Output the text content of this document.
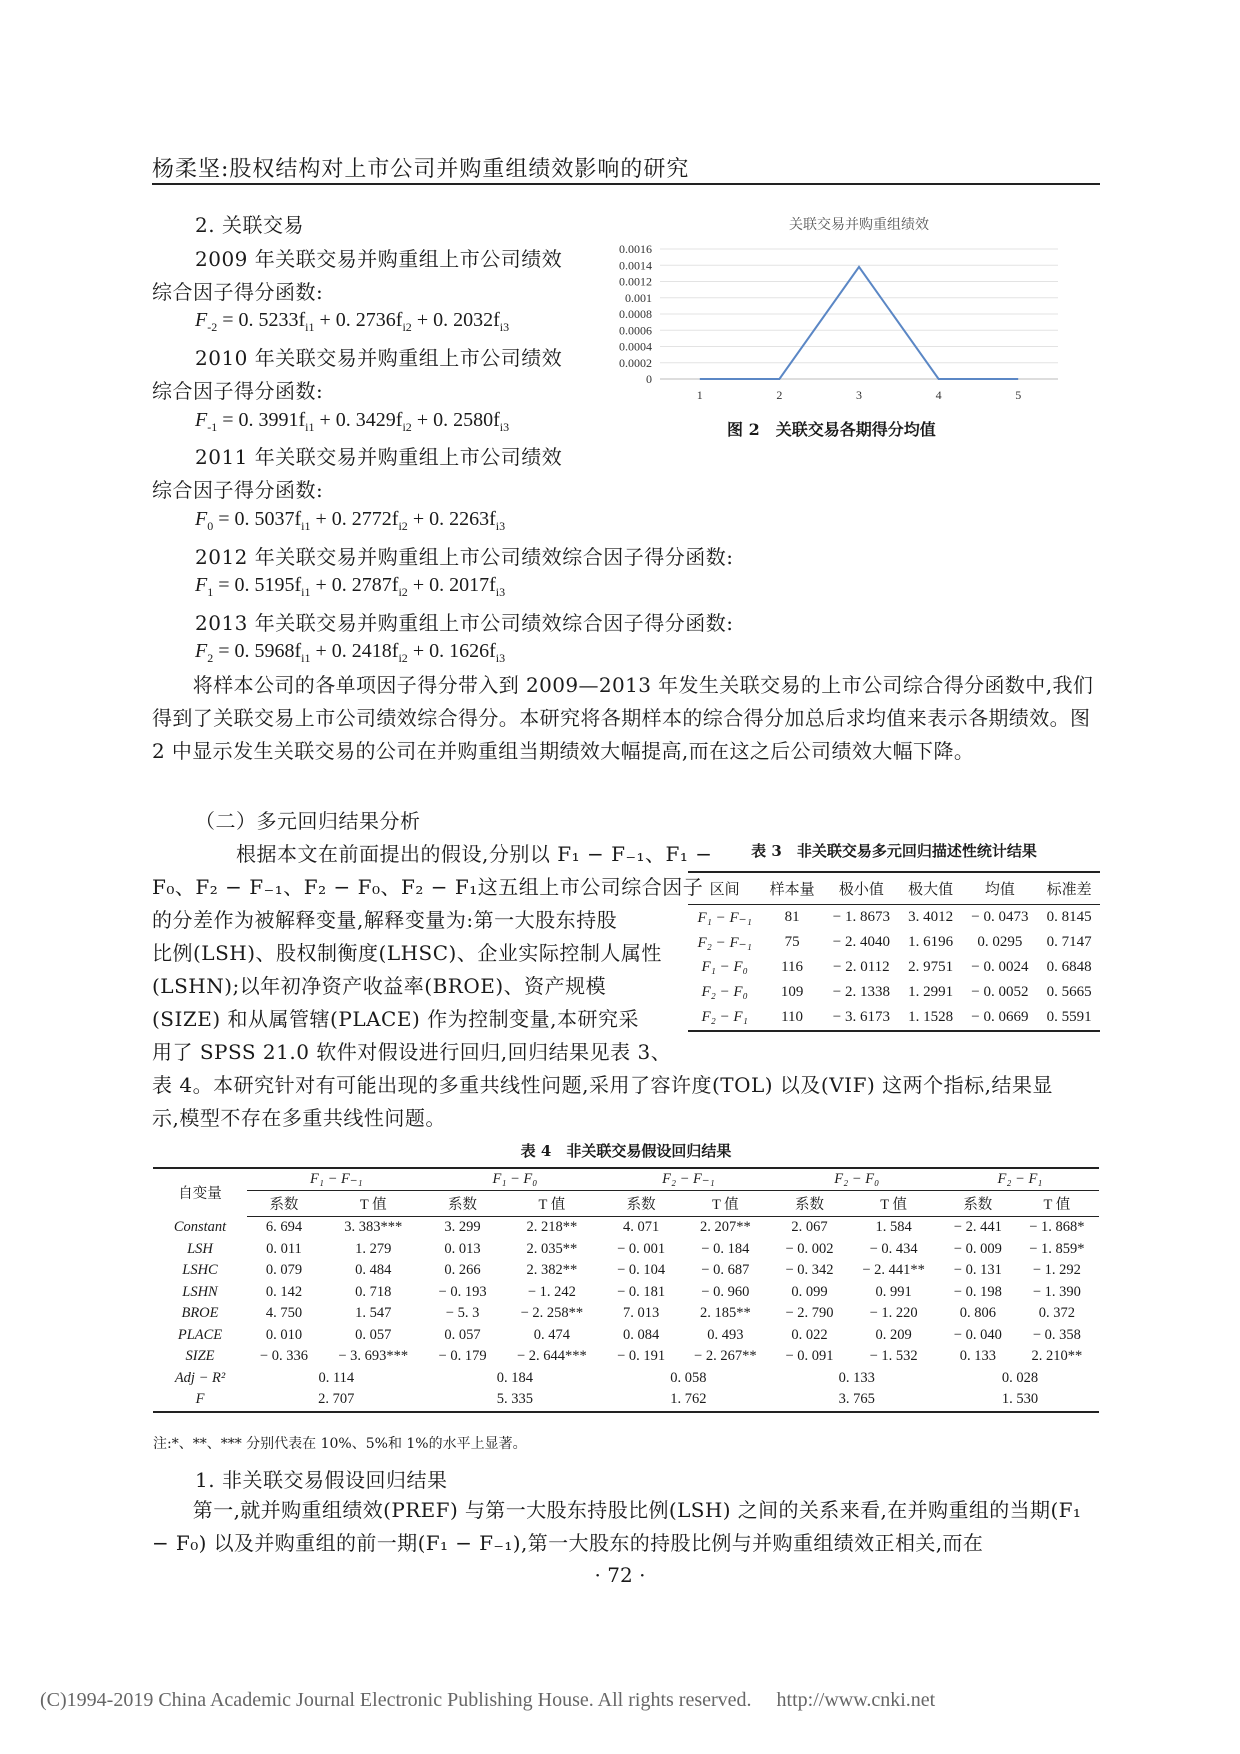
杨柔坚:股权结构对上市公司并购重组绩效影响的研究
2. 关联交易
2009 年关联交易并购重组上市公司绩效
综合因子得分函数:
$F_{-2} = 0$. $5233f_{i1} + 0$. $2736f_{i2} + 0$. $2032f_{i3}$
2010 年关联交易并购重组上市公司绩效
综合因子得分函数:
$F_{-1} = 0$. $3991f_{i1} + 0$. $3429f_{i2} + 0$. $2580f_{i3}$
2011 年关联交易并购重组上市公司绩效
综合因子得分函数:
$F_0 = 0$. $5037f_{i1} + 0$. $2772f_{i2} + 0$. $2263f_{i3}$
2012 年关联交易并购重组上市公司绩效综合因子得分函数:
$F_1 = 0$. $5195f_{i1} + 0$. $2787f_{i2} + 0$. $2017f_{i3}$
2013 年关联交易并购重组上市公司绩效综合因子得分函数:
$F_2 = 0$. $5968f_{i1} + 0$. $2418f_{i2} + 0$. $1626f_{i3}$
　　将样本公司的各单项因子得分带入到 2009—2013 年发生关联交易的上市公司综合得分函数中,我们得到了关联交易上市公司绩效综合得分。本研究将各期样本的综合得分加总后求均值来表示各期绩效。图 2 中显示发生关联交易的公司在并购重组当期绩效大幅提高,而在这之后公司绩效大幅下降。
关联交易并购重组绩效
0
0.0002
0.0004
0.0006
0.0008
0.001
0.0012
0.0014
0.0016
1	2	3	4	5
图 2　关联交易各期得分均值
（二）多元回归结果分析
　　根据本文在前面提出的假设,分别以 F₁ − F₋₁、F₁ −
F₀、F₂ − F₋₁、F₂ − F₀、F₂ − F₁这五组上市公司综合因子
的分差作为被解释变量,解释变量为:第一大股东持股
比例(LSH)、股权制衡度(LHSC)、企业实际控制人属性
(LSHN);以年初净资产收益率(BROE)、资产规模
(SIZE) 和从属管辖(PLACE) 作为控制变量,本研究采
用了 SPSS 21.0 软件对假设进行回归,回归结果见表 3、
表 4。本研究针对有可能出现的多重共线性问题,采用了容许度(TOL) 以及(VIF) 这两个指标,结果显
示,模型不存在多重共线性问题。
表 3　非关联交易多元回归描述性统计结果
区间	样本量	极小值	极大值	均值	标准差
F₁ − F₋₁	81	− 1. 8673	3. 4012	− 0. 0473	0. 8145
F₂ − F₋₁	75	− 2. 4040	1. 6196	0. 0295	0. 7147
F₁ − F₀	116	− 2. 0112	2. 9751	− 0. 0024	0. 6848
F₂ − F₀	109	− 2. 1338	1. 2991	− 0. 0052	0. 5665
F₂ − F₁	110	− 3. 6173	1. 1528	− 0. 0669	0. 5591
表 4　非关联交易假设回归结果
自变量	F₁ − F₋₁		F₁ − F₀		F₂ − F₋₁		F₂ − F₀		F₂ − F₁	
	系数	T 值	系数	T 值	系数	T 值	系数	T 值	系数	T 值
Constant	6. 694	3. 383***	3. 299	2. 218**	4. 071	2. 207**	2. 067	1. 584	− 2. 441	− 1. 868*
LSH	0. 011	1. 279	0. 013	2. 035**	− 0. 001	− 0. 184	− 0. 002	− 0. 434	− 0. 009	− 1. 859*
LSHC	0. 079	0. 484	0. 266	2. 382**	− 0. 104	− 0. 687	− 0. 342	− 2. 441**	− 0. 131	− 1. 292
LSHN	0. 142	0. 718	− 0. 193	− 1. 242	− 0. 181	− 0. 960	0. 099	0. 991	− 0. 198	− 1. 390
BROE	4. 750	1. 547	− 5. 3	− 2. 258**	7. 013	2. 185**	− 2. 790	− 1. 220	0. 806	0. 372
PLACE	0. 010	0. 057	0. 057	0. 474	0. 084	0. 493	0. 022	0. 209	− 0. 040	− 0. 358
SIZE	− 0. 336	− 3. 693***	− 0. 179	− 2. 644***	− 0. 191	− 2. 267**	− 0. 091	− 1. 532	0. 133	2. 210**
Adj − R²	0. 114		0. 184		0. 058		0. 133		0. 028	
F	2. 707		5. 335		1. 762		3. 765		1. 530	
注:*、**、*** 分别代表在 10%、5%和 1%的水平上显著。
1. 非关联交易假设回归结果
　　第一,就并购重组绩效(PREF) 与第一大股东持股比例(LSH) 之间的关系来看,在并购重组的当期(F₁ − F₀) 以及并购重组的前一期(F₁ − F₋₁),第一大股东的持股比例与并购重组绩效正相关,而在
· 72 ·
(C)1994-2019 China Academic Journal Electronic Publishing House. All rights reserved.　 http://www.cnki.net
